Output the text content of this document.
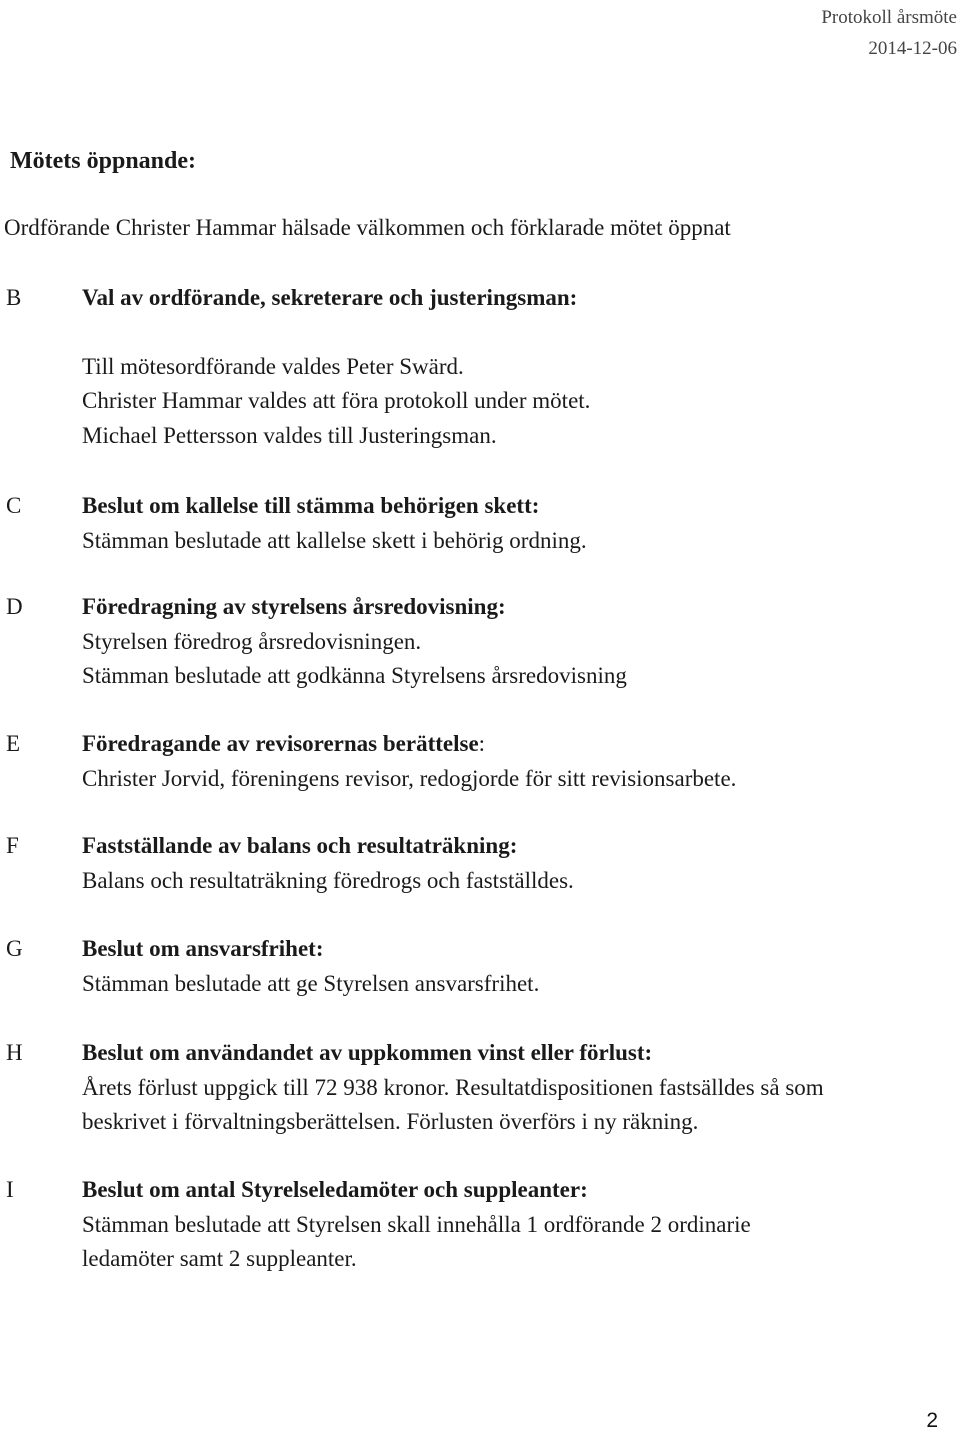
Protokoll årsmöte
2014-12-06
Mötets öppnande:

Ordförande Christer Hammar hälsade välkommen och förklarade mötet öppnat

B	Val av ordförande, sekreterare och justeringsman:
Till mötesordförande valdes Peter Swärd.
Christer Hammar valdes att föra protokoll under mötet.
Michael Pettersson valdes till Justeringsman.
C	Beslut om kallelse till stämma behörigen skett:
Stämman beslutade att kallelse skett i behörig ordning.
D	Föredragning av styrelsens årsredovisning:
Styrelsen föredrog årsredovisningen.
Stämman beslutade att godkänna Styrelsens årsredovisning
E	Föredragande av revisorernas berättelse:
Christer Jorvid, föreningens revisor, redogjorde för sitt revisionsarbete.
F	Fastställande av balans och resultaträkning:
Balans och resultaträkning föredrogs och fastställdes.
G	Beslut om ansvarsfrihet:
Stämman beslutade att ge Styrelsen ansvarsfrihet.
H	Beslut om användandet av uppkommen vinst eller förlust:
Årets förlust uppgick till 72 938 kronor. Resultatdispositionen fastsälldes så som
beskrivet i förvaltningsberättelsen. Förlusten överförs i ny räkning.
I	Beslut om antal Styrelseledamöter och suppleanter:
Stämman beslutade att Styrelsen skall innehålla 1 ordförande 2 ordinarie
ledamöter samt 2 suppleanter.
2
